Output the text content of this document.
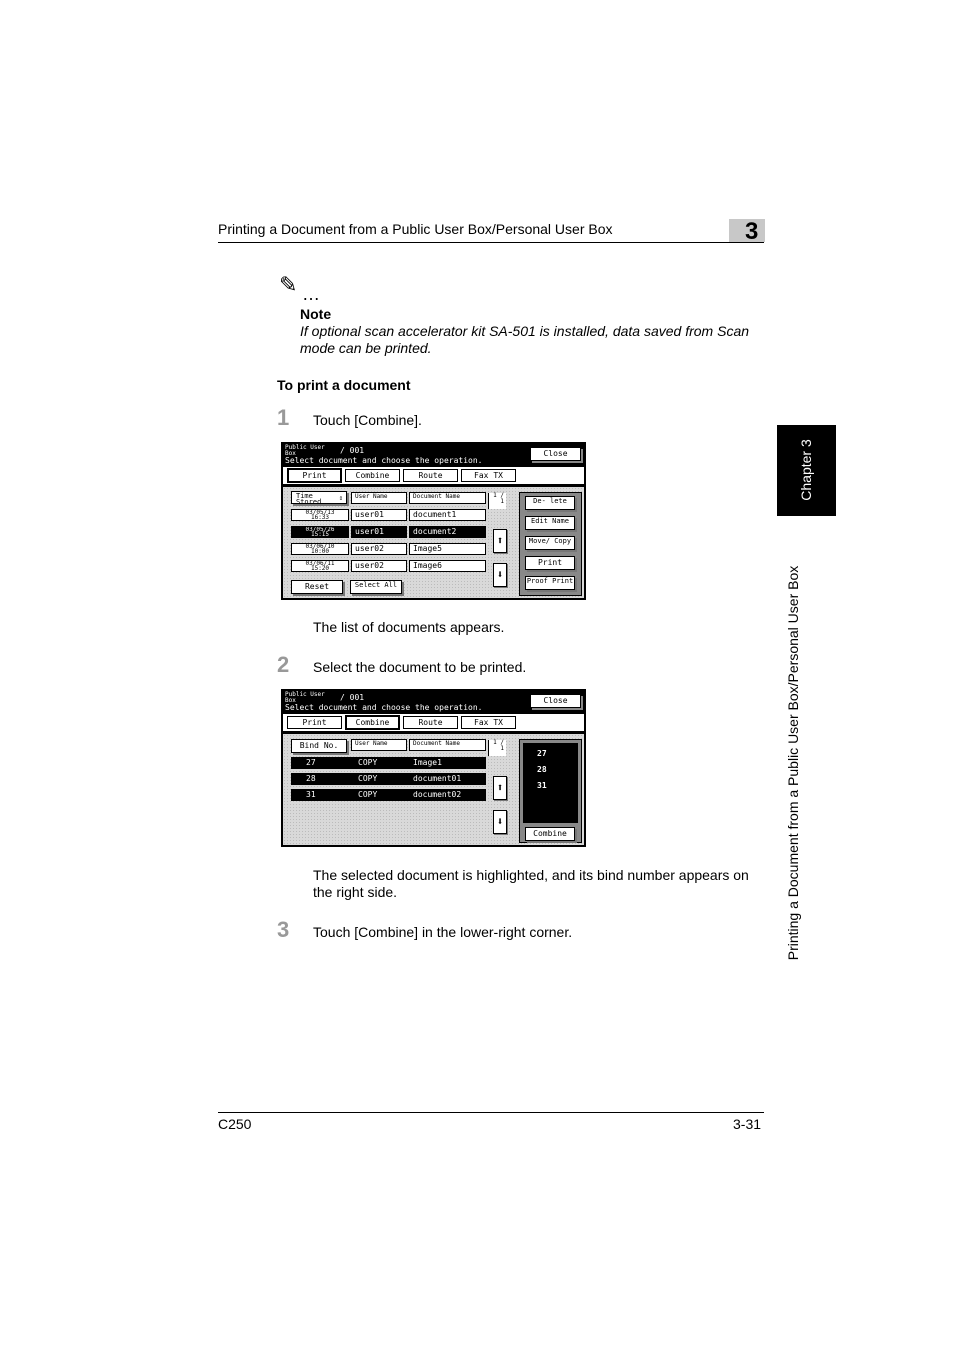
Printing a Document from a Public User Box/Personal User Box	3
Chapter 3
Printing a Document from a Public User Box/Personal User Box
✎ …
Note
If optional scan accelerator kit SA-501 is installed, data saved from Scan mode can be printed.
To print a document
1 Touch [Combine].
Public User Box	/ 001
Select document and choose the operation.
Close
Print	Combine	Route	Fax TX
Time Stored ⇕	User Name	Document Name	1 / 1
03/05/13
16:33	user01	document1
03/05/26
15:15	user01	document2
03/06/10
10:00	user02	Image5
03/06/11
15:20	user02	Image6
⬆
⬇
Reset	Select All
De- lete
Edit Name
Move/ Copy
Print
Proof Print
The list of documents appears.
2 Select the document to be printed.
Public User Box	/ 001
Select document and choose the operation.
Close
Print	Combine	Route	Fax TX
Bind No.	User Name	Document Name	1 / 1
27	COPY	Image1
28	COPY	document01
31	COPY	document02
⬆
⬇
27
28
31
Combine
The selected document is highlighted, and its bind number appears on the right side.
3 Touch [Combine] in the lower-right corner.
C250	3-31
